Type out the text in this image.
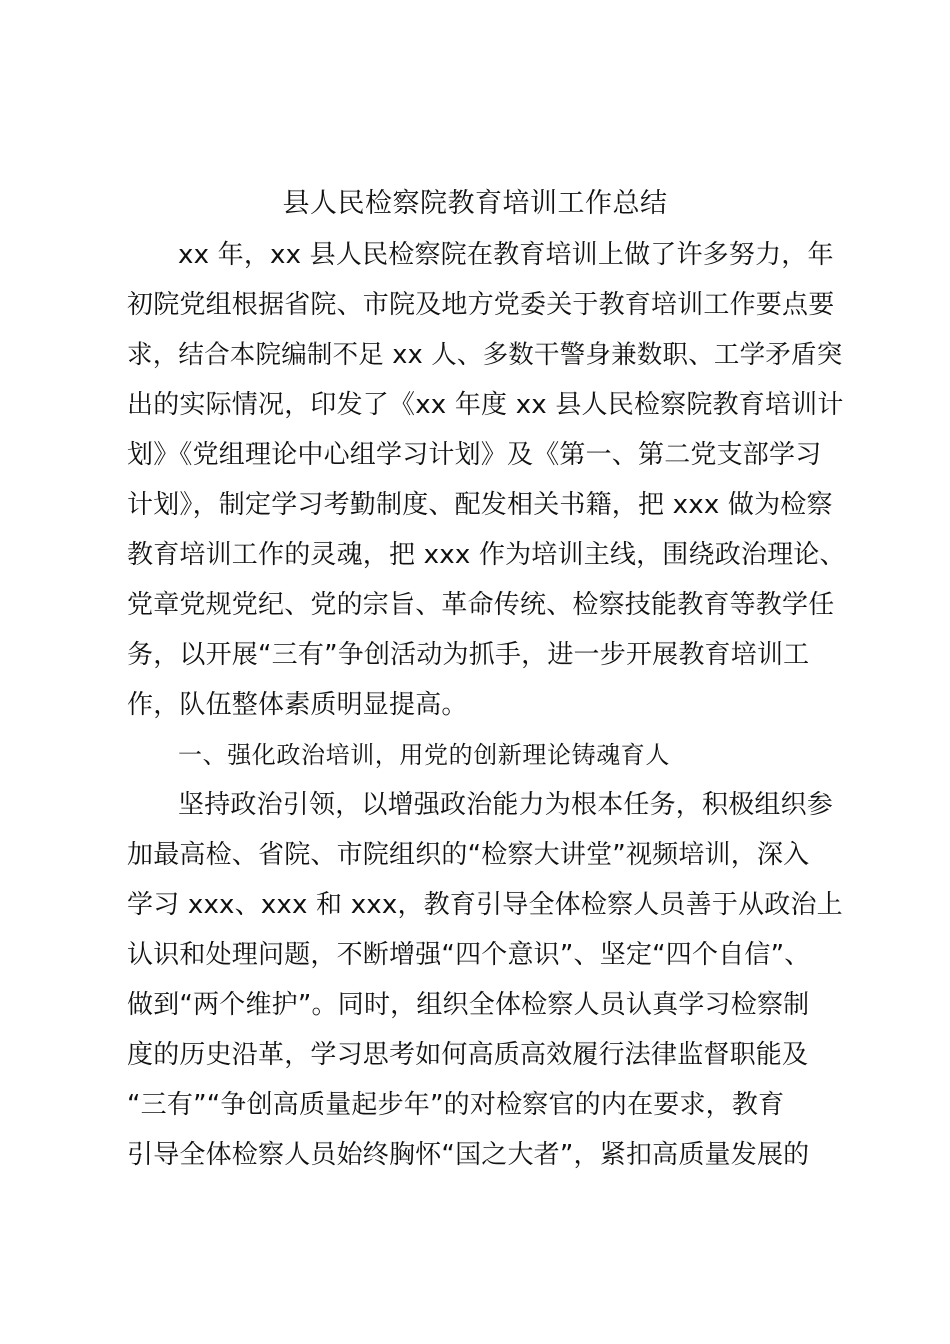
县人民检察院教育培训工作总结

xx 年，xx 县人民检察院在教育培训上做了许多努力，年

初院党组根据省院、市院及地方党委关于教育培训工作要点要

求，结合本院编制不足 xx 人、多数干警身兼数职、工学矛盾突

出的实际情况，印发了《xx 年度 xx 县人民检察院教育培训计

划》《党组理论中心组学习计划》及《第一、第二党支部学习

计划》，制定学习考勤制度、配发相关书籍，把 xxx 做为检察

教育培训工作的灵魂，把 xxx 作为培训主线，围绕政治理论、

党章党规党纪、党的宗旨、革命传统、检察技能教育等教学任

务，以开展“三有”争创活动为抓手，进一步开展教育培训工

作，队伍整体素质明显提高。

一、强化政治培训，用党的创新理论铸魂育人

坚持政治引领，以增强政治能力为根本任务，积极组织参

加最高检、省院、市院组织的“检察大讲堂”视频培训，深入

学习 xxx、xxx 和 xxx，教育引导全体检察人员善于从政治上

认识和处理问题，不断增强“四个意识”、坚定“四个自信”、

做到“两个维护”。同时，组织全体检察人员认真学习检察制

度的历史沿革，学习思考如何高质高效履行法律监督职能及

“三有”“争创高质量起步年”的对检察官的内在要求，教育

引导全体检察人员始终胸怀“国之大者”，紧扣高质量发展的
